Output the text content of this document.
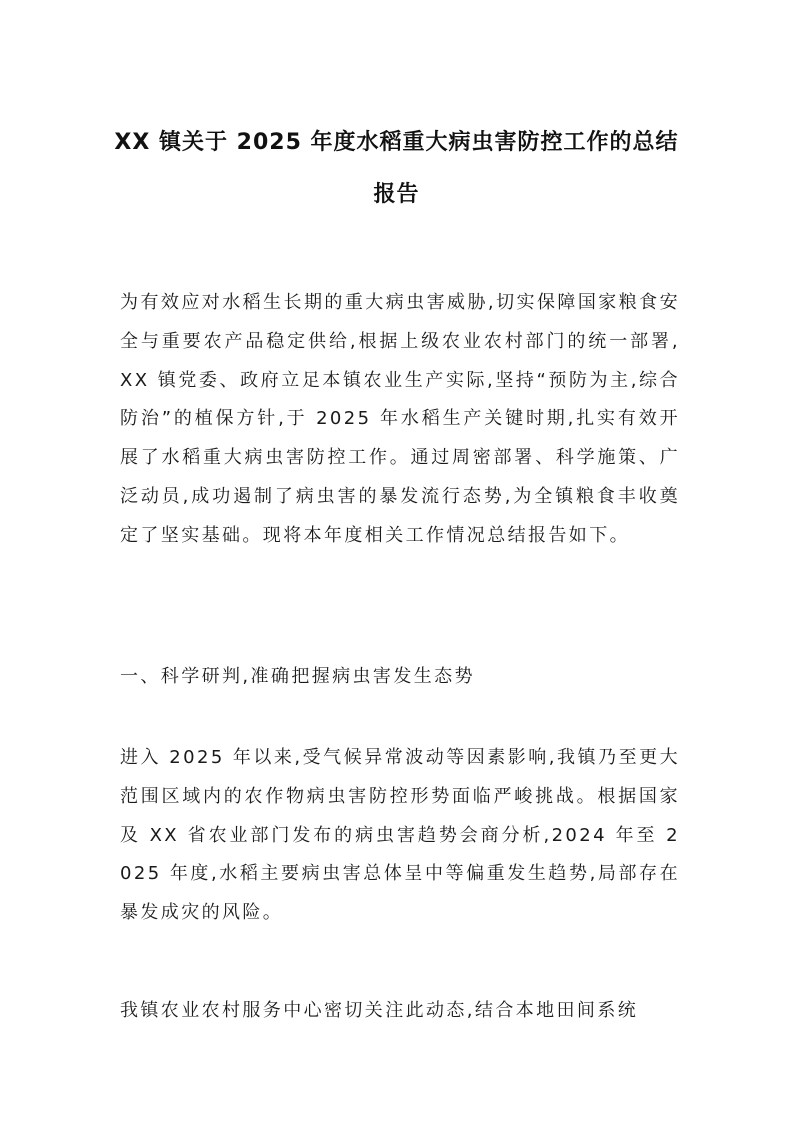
XX 镇关于 2025 年度水稻重大病虫害防控工作的总结
报告

为有效应对水稻生长期的重大病虫害威胁,切实保障国家粮食安全与重要农产品稳定供给,根据上级农业农村部门的统一部署,XX 镇党委、政府立足本镇农业生产实际,坚持“预防为主,综合防治”的植保方针,于 2025 年水稻生产关键时期,扎实有效开展了水稻重大病虫害防控工作。通过周密部署、科学施策、广泛动员,成功遏制了病虫害的暴发流行态势,为全镇粮食丰收奠定了坚实基础。现将本年度相关工作情况总结报告如下。

一、科学研判,准确把握病虫害发生态势

进入 2025 年以来,受气候异常波动等因素影响,我镇乃至更大范围区域内的农作物病虫害防控形势面临严峻挑战。根据国家及 XX 省农业部门发布的病虫害趋势会商分析,2024 年至 2025 年度,水稻主要病虫害总体呈中等偏重发生趋势,局部存在暴发成灾的风险。

我镇农业农村服务中心密切关注此动态,结合本地田间系统
